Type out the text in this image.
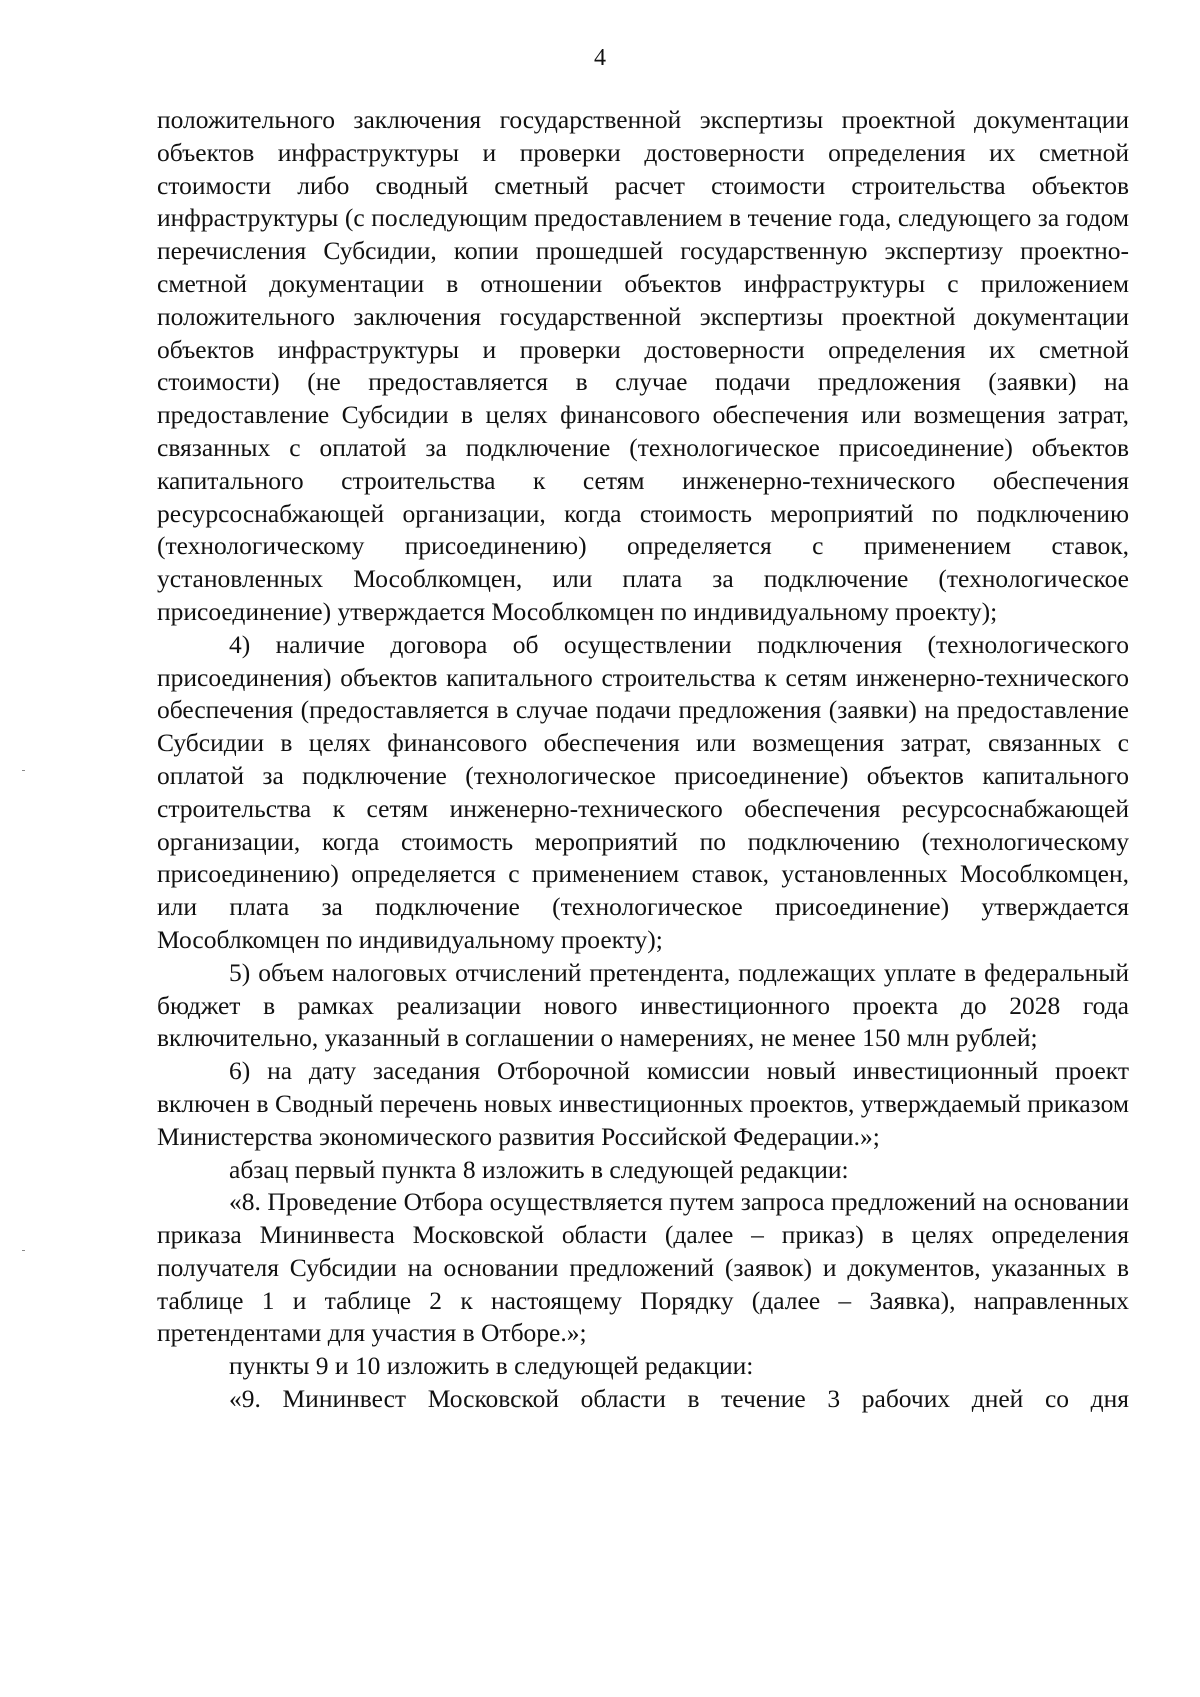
4

положительного заключения государственной экспертизы проектной документации объектов инфраструктуры и проверки достоверности определения их сметной стоимости либо сводный сметный расчет стоимости строительства объектов инфраструктуры (с последующим предоставлением в течение года, следующего за годом перечисления Субсидии, копии прошедшей государственную экспертизу проектно-сметной документации в отношении объектов инфраструктуры с приложением положительного заключения государственной экспертизы проектной документации объектов инфраструктуры и проверки достоверности определения их сметной стоимости) (не предоставляется в случае подачи предложения (заявки) на предоставление Субсидии в целях финансового обеспечения или возмещения затрат, связанных с оплатой за подключение (технологическое присоединение) объектов капитального строительства к сетям инженерно-технического обеспечения ресурсоснабжающей организации, когда стоимость мероприятий по подключению (технологическому присоединению) определяется с применением ставок, установленных Мособлкомцен, или плата за подключение (технологическое присоединение) утверждается Мособлкомцен по индивидуальному проекту);

4) наличие договора об осуществлении подключения (технологического присоединения) объектов капитального строительства к сетям инженерно-технического обеспечения (предоставляется в случае подачи предложения (заявки) на предоставление Субсидии в целях финансового обеспечения или возмещения затрат, связанных с оплатой за подключение (технологическое присоединение) объектов капитального строительства к сетям инженерно-технического обеспечения ресурсоснабжающей организации, когда стоимость мероприятий по подключению (технологическому присоединению) определяется с применением ставок, установленных Мособлкомцен, или плата за подключение (технологическое присоединение) утверждается Мособлкомцен по индивидуальному проекту);

5) объем налоговых отчислений претендента, подлежащих уплате в федеральный бюджет в рамках реализации нового инвестиционного проекта до 2028 года включительно, указанный в соглашении о намерениях, не менее 150 млн рублей;

6) на дату заседания Отборочной комиссии новый инвестиционный проект включен в Сводный перечень новых инвестиционных проектов, утверждаемый приказом Министерства экономического развития Российской Федерации.»;

абзац первый пункта 8 изложить в следующей редакции:

«8. Проведение Отбора осуществляется путем запроса предложений на основании приказа Мининвеста Московской области (далее – приказ) в целях определения получателя Субсидии на основании предложений (заявок) и документов, указанных в таблице 1 и таблице 2 к настоящему Порядку (далее – Заявка), направленных претендентами для участия в Отборе.»;

пункты 9 и 10 изложить в следующей редакции:

«9. Мининвест Московской области в течение 3 рабочих дней со дня
